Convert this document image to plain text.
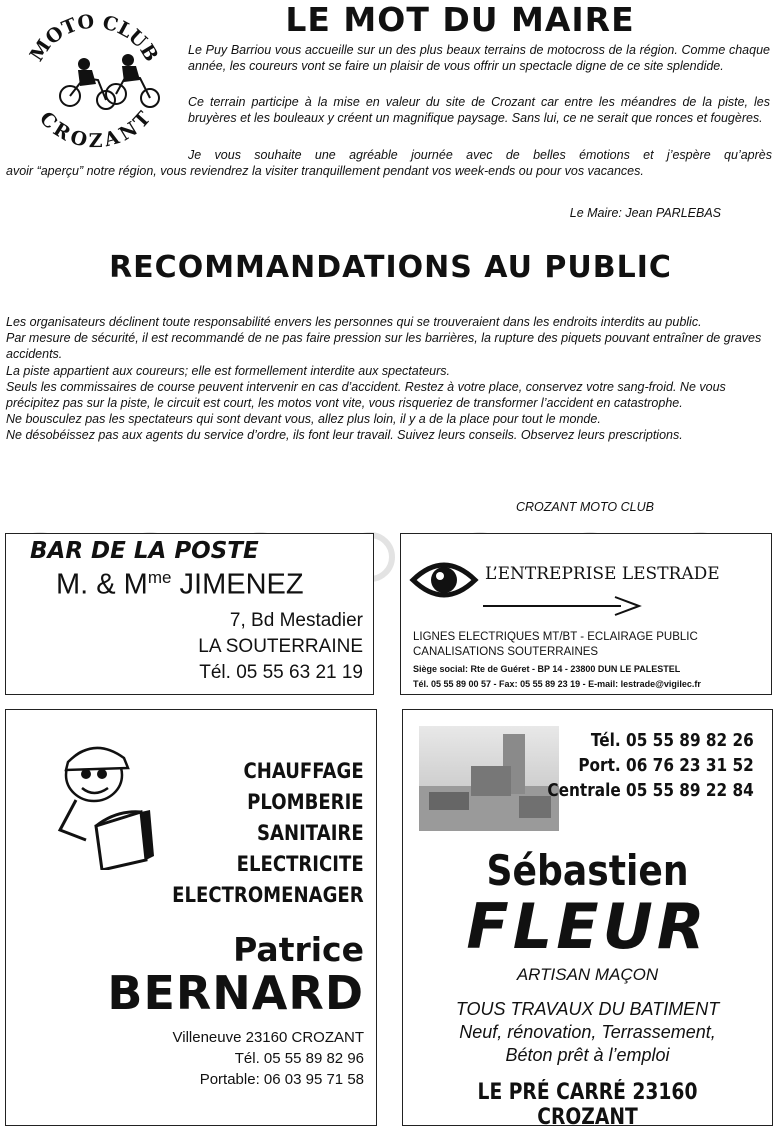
MOTO CLUB
CROZANT
LE MOT DU MAIRE
Le Puy Barriou vous accueille sur un des plus beaux terrains de motocross de la région. Comme chaque année, les coureurs vont se faire un plaisir de vous offrir un spectacle digne de ce site splendide.
Ce terrain participe à la mise en valeur du site de Crozant car entre les méandres de la piste, les bruyères et les bouleaux y créent un magnifique paysage. Sans lui, ce ne serait que ronces et fougères.
Je vous souhaite une agréable journée avec de belles émotions et j’espère qu’après
avoir “aperçu” notre région, vous reviendrez la visiter tranquillement pendant vos week-ends ou pour vos vacances.
Le Maire: Jean PARLEBAS
RECOMMANDATIONS AU PUBLIC

Les organisateurs déclinent toute responsabilité envers les personnes qui se trouveraient dans les endroits interdits au public.

Par mesure de sécurité, il est recommandé de ne pas faire pression sur les barrières, la rupture des piquets pouvant entraîner de graves accidents.

La piste appartient aux coureurs; elle est formellement interdite aux spectateurs.

Seuls les commissaires de course peuvent intervenir en cas d’accident. Restez à votre place, conservez votre sang-froid. Ne vous précipitez pas sur la piste, le circuit est court, les motos vont vite, vous risqueriez de transformer l’accident en catastrophe.

Ne bousculez pas les spectateurs qui sont devant vous, allez plus loin, il y a de la place pour tout le monde.

Ne désobéissez pas aux agents du service d’ordre, ils font leur travail. Suivez leurs conseils. Observez leurs prescriptions.

CROZANT MOTO CLUB
BAR DE LA POSTE
M. & $M^{me}$ JIMENEZ
7, Bd Mestadier
LA SOUTERRAINE
Tél. 05 55 63 21 19
L’ENTREPRISE LESTRADE
LIGNES ELECTRIQUES MT/BT - ECLAIRAGE PUBLIC
CANALISATIONS SOUTERRAINES
Siège social: Rte de Guéret - BP 14 - 23800 DUN LE PALESTEL
Tél. 05 55 89 00 57 - Fax: 05 55 89 23 19 - E-mail: lestrade@vigilec.fr
CHAUFFAGE
PLOMBERIE
SANITAIRE
ELECTRICITE
ELECTROMENAGER
Patrice
BERNARD
Villeneuve 23160 CROZANT
Tél. 05 55 89 82 96
Portable: 06 03 95 71 58
Tél. 05 55 89 82 26
Port. 06 76 23 31 52
Centrale 05 55 89 22 84
Sébastien
FLEUR
ARTISAN MAÇON
TOUS TRAVAUX DU BATIMENT
Neuf, rénovation, Terrassement,
Béton prêt à l’emploi
LE PRÉ CARRÉ 23160 CROZANT
